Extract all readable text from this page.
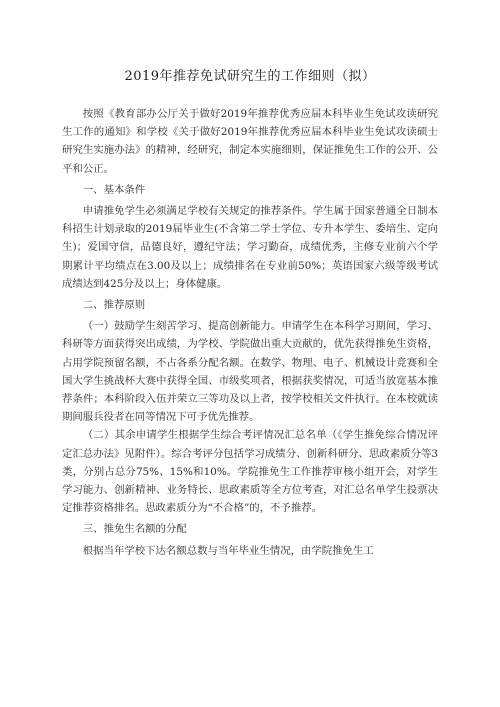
2019年推荐免试研究生的工作细则（拟）

按照《教育部办公厅关于做好2019年推荐优秀应届本科毕业生免试攻读研究生工作的通知》和学校《关于做好2019年推荐优秀应届本科毕业生免试攻读硕士研究生实施办法》的精神，经研究，制定本实施细则，保证推免生工作的公开、公平和公正。

一、基本条件

申请推免学生必须满足学校有关规定的推荐条件。学生属于国家普通全日制本科招生计划录取的2019届毕业生(不含第二学士学位、专升本学生、委培生、定向生)；爱国守信，品德良好，遵纪守法；学习勤奋，成绩优秀，主修专业前六个学期累计平均绩点在3.00及以上；成绩排名在专业前50%；英语国家六级等级考试成绩达到425分及以上；身体健康。

二、推荐原则

（一）鼓励学生刻苦学习、提高创新能力。申请学生在本科学习期间，学习、科研等方面获得突出成绩，为学校、学院做出重大贡献的，优先获得推免生资格，占用学院预留名额，不占各系分配名额。在数学、物理、电子、机械设计竞赛和全国大学生挑战杯大赛中获得全国、市级奖项者，根据获奖情况，可适当放宽基本推荐条件；本科阶段入伍并荣立三等功及以上者，按学校相关文件执行。在本校就读期间服兵役者在同等情况下可予优先推荐。

（二）其余申请学生根据学生综合考评情况汇总名单（《学生推免综合情况评定汇总办法》见附件）。综合考评分包括学习成绩分、创新科研分、思政素质分等3类，分别占总分75%、15%和10%。学院推免生工作推荐审核小组开会，对学生学习能力、创新精神、业务特长、思政素质等全方位考查，对汇总名单学生投票决定推荐资格排名。思政素质分为“不合格”的，不予推荐。

三、推免生名额的分配

根据当年学校下达名额总数与当年毕业生情况，由学院推免生工
